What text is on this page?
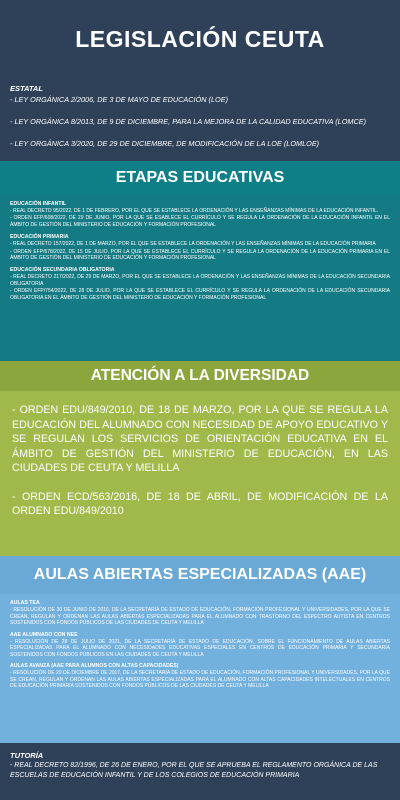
LEGISLACIÓN CEUTA
ESTATAL
- LEY ORGÁNICA 2/2006, DE 3 DE MAYO DE EDUCACIÓN (LOE)
- LEY ORGÁNICA 8/2013, DE 9 DE DICIEMBRE, PARA LA MEJORA DE LA CALIDAD EDUCATIVA (LOMCE)
- LEY ORGÁNICA 3/2020, DE 29 DE DICIEMBRE, DE MODIFICACIÓN DE LA LOE (LOMLOE)
ETAPAS EDUCATIVAS
EDUCACIÓN INFANTIL
- REAL DECRETO 95/2022, DE 1 DE FEBRERO, POR EL QUE SE ESTABLECE LA ORDENACIÓN Y LAS ENSEÑANZAS MÍNIMAS DE LA EDUCACIÓN INFANTIL.
- ORDEN EFP/608/2022, DE 29 DE JUNIO, POR LA QUE SE ESABLECE EL CURRÍCULO Y SE REGULA LA ORDENACIÓN DE LA EDUCACIÓN INFANTIL EN EL ÁMBITO DE GESTIÓN DEL MINISTERIO DE EDUCACIÓN Y FORMACIÓN PROFESIONAL
EDUCACIÓN PRIMARIA
- REAL DECRETO 157/2022, DE 1 DE MARZO, POR EL QUE SE ESTABLECE LA ORDENACIÓN Y LAS ENSEÑANZAS MÍNIMAS DE LA EDUCACIÓN PRIMARIA
- ORDEN EFP/678/2022, DE 15 DE JULIO, POR LA QUE SE ESTABLECE EL CURRÍCULO Y SE REGULA LA ORDENACIÓN DE LA EDUCACIÓN PRIMARIA EN EL ÁMBITO DE GESTIÓN DEL MINISTERIO DE EDUCACIÓN Y FORMACIÓN PROFESIONAL
EDUCACIÓN SECUNDARIA OBLIGATORIA
- REAL DECRETO 217/2022, DE 29 DE MARZO, POR EL QUE SE ESTABLECE LA ORDENACIÓN Y LAS ENSEÑANZAS MÍNIMAS DE LA EDUCACIÓN SECUNDARIA OBLIGATORIA
- ORDEN EFP/754/2022, DE 28 DE JULIO, POR LA QUE SE ESTABLECE EL CURRÍCULO Y SE REGULA LA ORDENACIÓN DE LA EDUCACIÓN SECUNDARIA OBLIGATORIA EN EL ÁMBITO DE GESTIÓN DEL MINISTERIO DE EDUCACIÓN Y FORMACIÓN PROFESIONAL
ATENCIÓN A LA DIVERSIDAD
- ORDEN EDU/849/2010, DE 18 DE MARZO, POR LA QUE SE REGULA LA EDUCACIÓN DEL ALUMNADO CON NECESIDAD DE APOYO EDUCATIVO Y SE REGULAN LOS SERVICIOS DE ORIENTACIÓN EDUCATIVA EN EL ÁMBITO DE GESTIÓN DEL MINISTERIO DE EDUCACIÓN, EN LAS CIUDADES DE CEUTA Y MELILLA
- ORDEN ECD/563/2016, DE 18 DE ABRIL, DE MODIFICACIÓN DE LA ORDEN EDU/849/2010
AULAS ABIERTAS ESPECIALIZADAS (AAE)
AULAS TEA
- RESOLUCIÓN DE 30 DE JUNIO DE 2016, DE LA SECRETARÍA DE ESTADO DE EDUCACIÓN, FORMACIÓN PROFESIONAL Y UNIVERSIDADES, POR LA QUE SE CREAN, REGULAN Y ORDENAN LAS AULAS ABIERTAS ESPECIALIZADAS PARA EL ALUMNADO CON TRASTORNO DEL ESPECTRO AUTISTA EN CENTROS SOSTENIDOS CON FONDOS PÚBLICOS DE LAS CIUDADES DE CEUTA Y MELILLA
AAE ALUMNADO CON NEE
- RESOLUCIÓN DE 28 DE JULIO DE 2021, DE LA SECRETARÍA DE ESTADO DE EDUCACIÓN, SOBRE EL FUNCIONAMIENTO DE AULAS ABIERTAS ESPECIALIZADAS PARA EL ALUMNADO CON NECESIDADES EDUCATIVAS ESPECIALES EN CENTROS DE EDUCACIÓN PRIMARIA Y SECUNDARIA SOSTENIDOS CON FONDOS PÚBLICOS EN LAS CIUDADES DE CEUTA Y MELILLA
AULAS AVANZA (AAE PARA ALUMNOS CON ALTAS CAPACIDADES)
- RESOLUCIÓN DE 20 DE DICIEMBRE DE 2017, DE LA SECRETARÍA DE ESTADO DE EDUCACIÓN, FORMACIÓN PROFESIONAL Y UNIVERSIDADES, POR LA QUE SE CREAN, REGULAN Y ORDENAN LAS AULAS ABIERTAS ESPECIALIZADAS PARA EL ALUMNADO CON ALTAS CAPACIDADES INTELECTUALES EN CENTROS DE EDUCACIÓN PRIMARIA SOSTENIDOS CON FONDOS PÚBLICOS DE LAS CIUDADES DE CEUTA Y MELILLA
TUTORÍA
- REAL DECRETO 82/1996, DE 26 DE ENERO, POR EL QUE SE APRUEBA EL REGLAMENTO ORGÁNICA DE LAS ESCUELAS DE EDUCACIÓN INFANTIL Y DE LOS COLEGIOS DE EDUCACIÓN PRIMARIA
